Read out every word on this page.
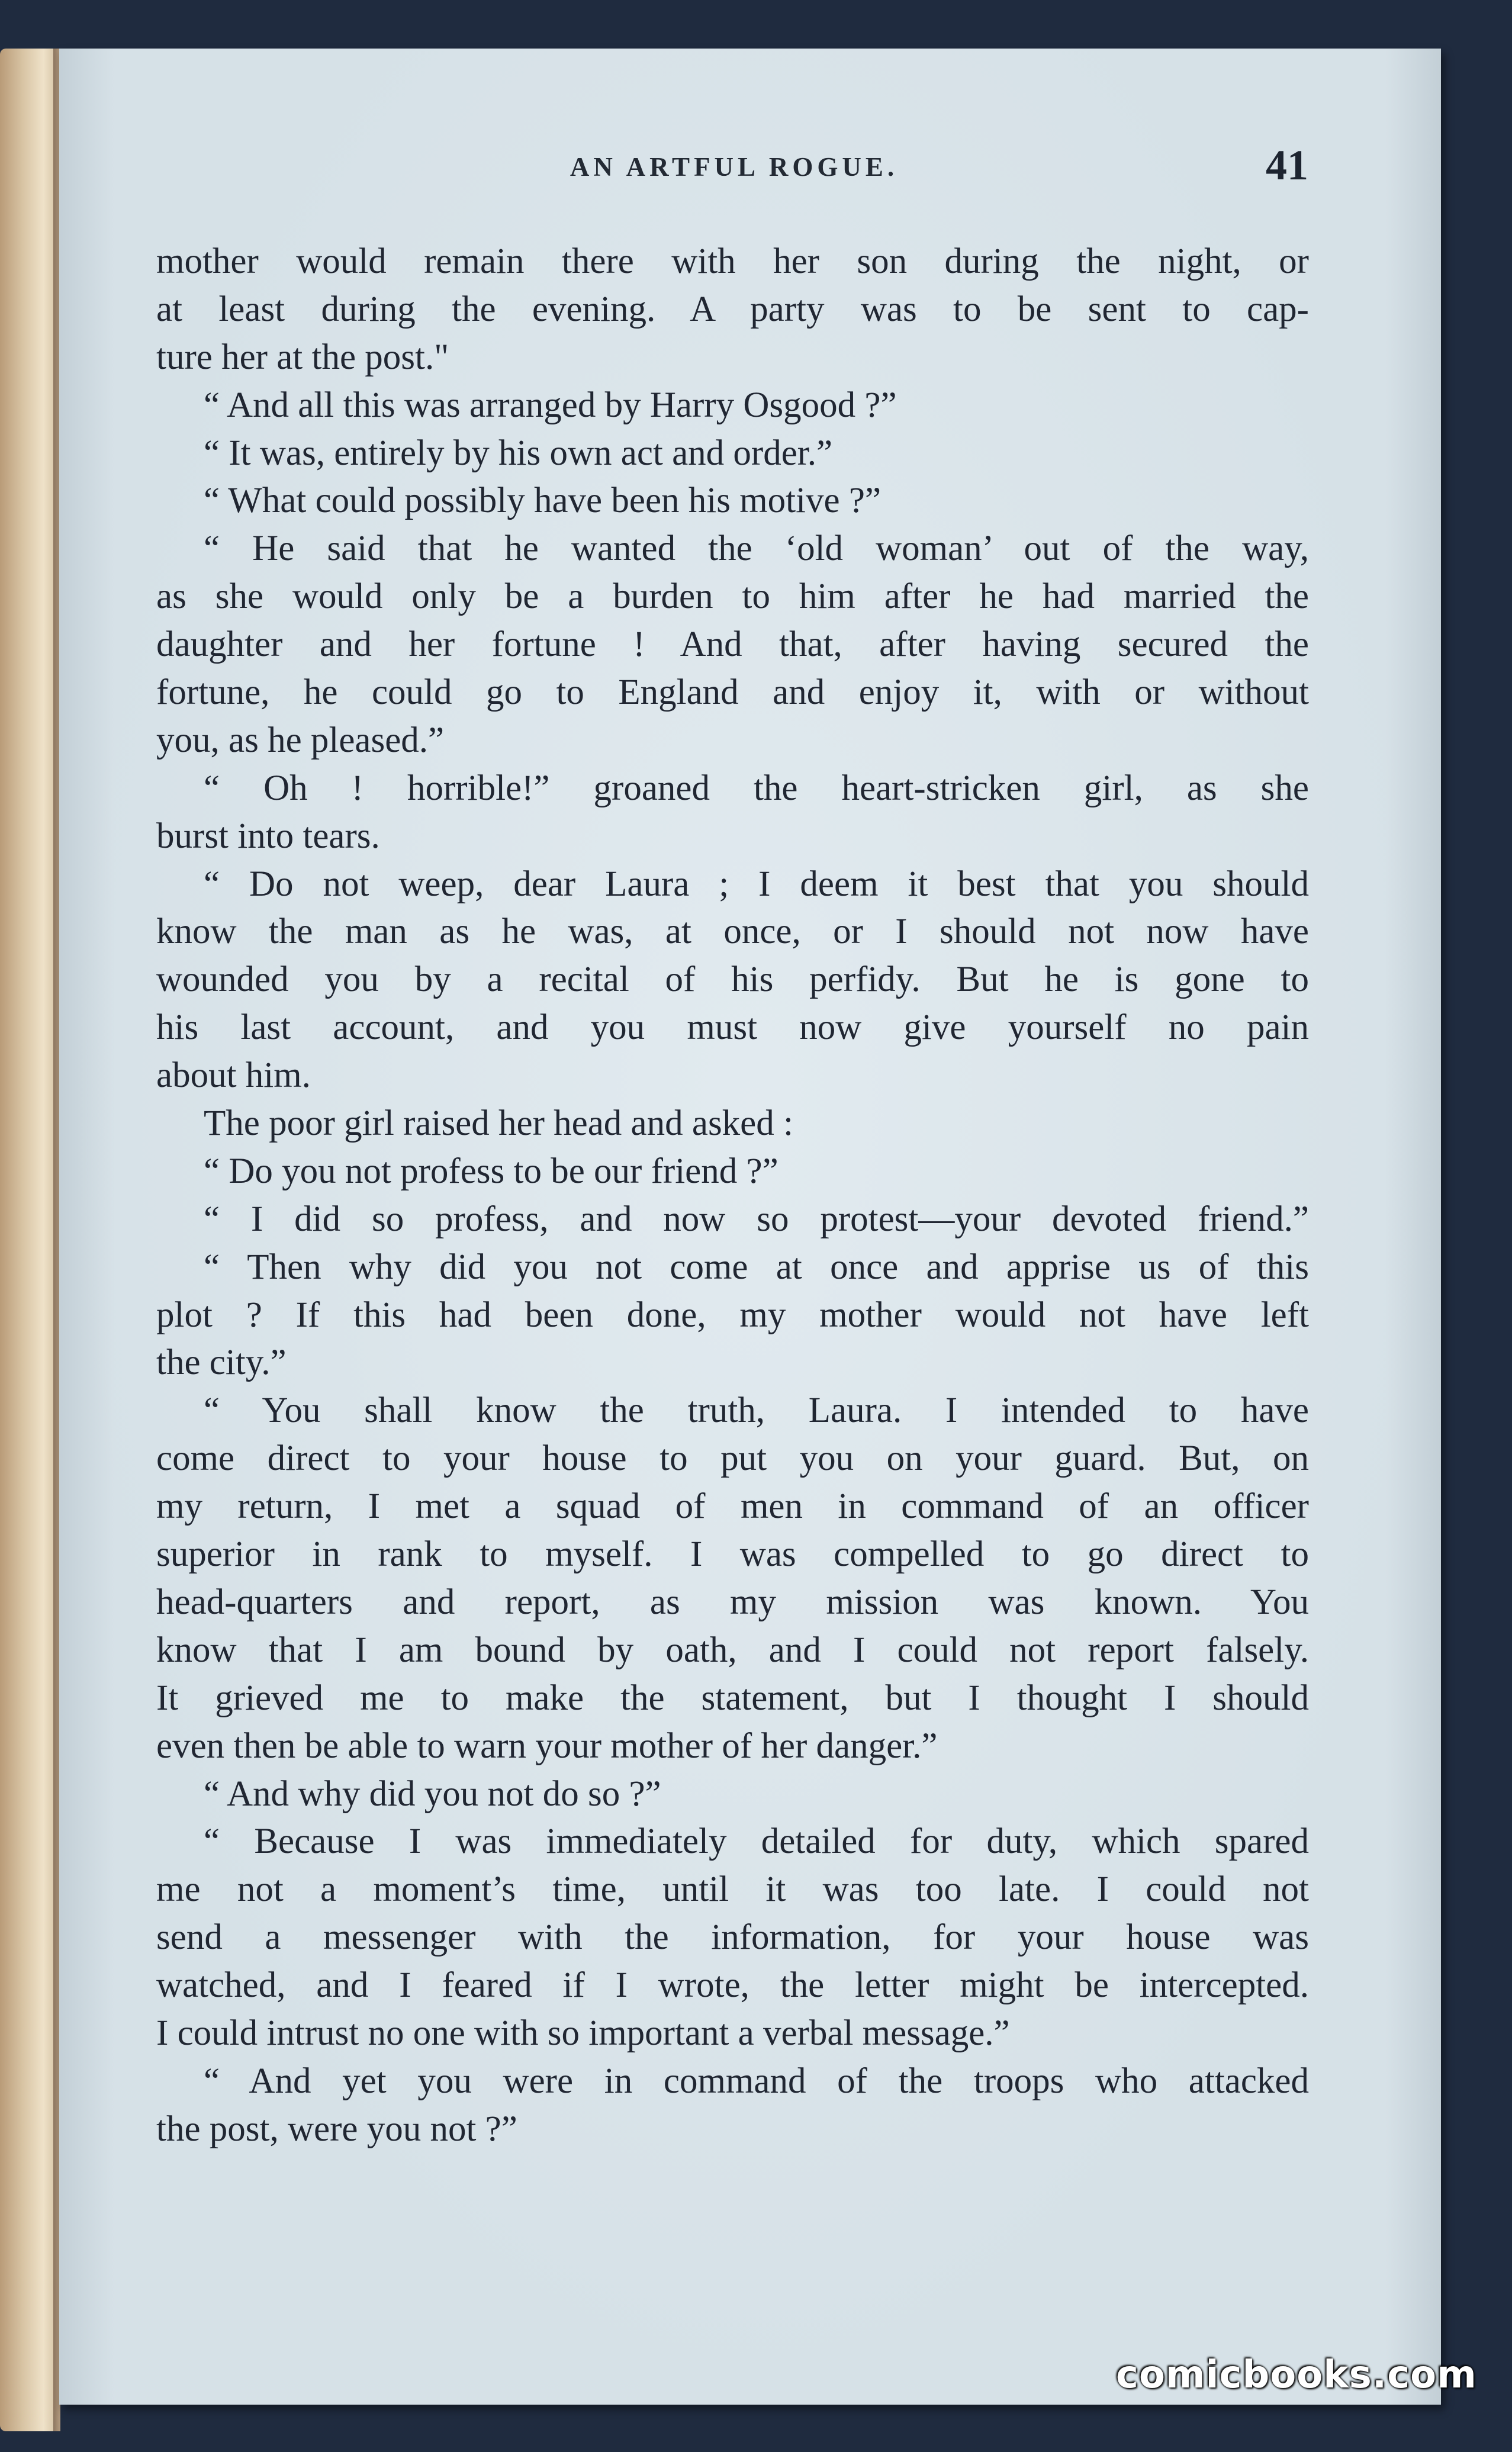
AN ARTFUL ROGUE.	41
mother would remain there with her son during the night, or
at least during the evening. A party was to be sent to cap-
ture her at the post."
“ And all this was arranged by Harry Osgood ?”
“ It was, entirely by his own act and order.”
“ What could possibly have been his motive ?”
“ He said that he wanted the ‘old woman’ out of the way,
as she would only be a burden to him after he had married the
daughter and her fortune ! And that, after having secured the
fortune, he could go to England and enjoy it, with or without
you, as he pleased.”
“ Oh ! horrible!” groaned the heart-stricken girl, as she
burst into tears.
“ Do not weep, dear Laura ; I deem it best that you should
know the man as he was, at once, or I should not now have
wounded you by a recital of his perfidy. But he is gone to
his last account, and you must now give yourself no pain
about him.
The poor girl raised her head and asked :
“ Do you not profess to be our friend ?”
“ I did so profess, and now so protest—your devoted friend.”
“ Then why did you not come at once and apprise us of this
plot ? If this had been done, my mother would not have left
the city.”
“ You shall know the truth, Laura. I intended to have
come direct to your house to put you on your guard. But, on
my return, I met a squad of men in command of an officer
superior in rank to myself. I was compelled to go direct to
head-quarters and report, as my mission was known. You
know that I am bound by oath, and I could not report falsely.
It grieved me to make the statement, but I thought I should
even then be able to warn your mother of her danger.”
“ And why did you not do so ?”
“ Because I was immediately detailed for duty, which spared
me not a moment’s time, until it was too late. I could not
send a messenger with the information, for your house was
watched, and I feared if I wrote, the letter might be intercepted.
I could intrust no one with so important a verbal message.”
“ And yet you were in command of the troops who attacked
the post, were you not ?”
comicbooks.com
